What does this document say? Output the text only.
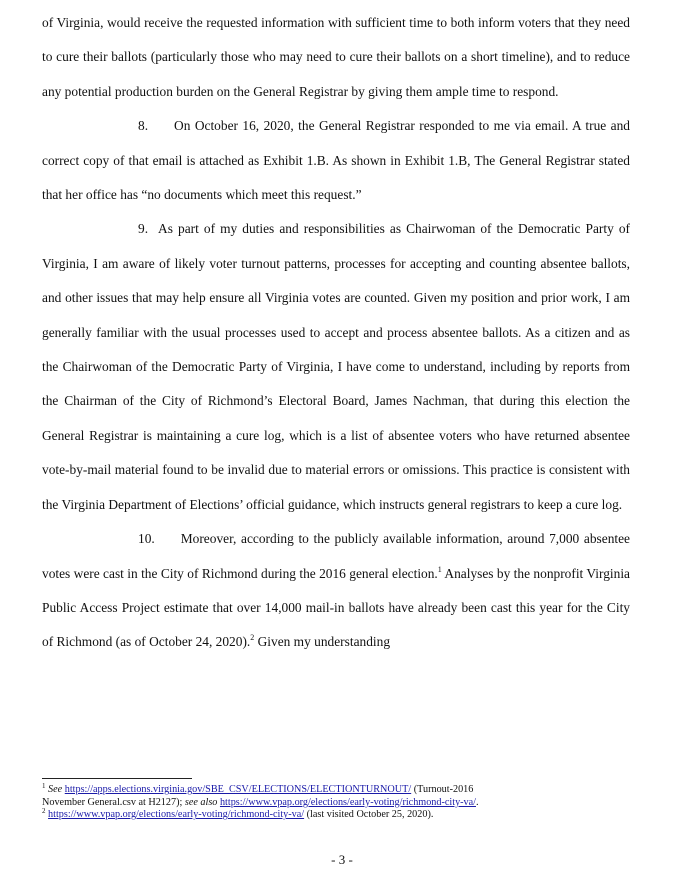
of Virginia, would receive the requested information with sufficient time to both inform voters that they need to cure their ballots (particularly those who may need to cure their ballots on a short timeline), and to reduce any potential production burden on the General Registrar by giving them ample time to respond.

8. On October 16, 2020, the General Registrar responded to me via email. A true and correct copy of that email is attached as Exhibit 1.B. As shown in Exhibit 1.B, The General Registrar stated that her office has “no documents which meet this request.”

9. As part of my duties and responsibilities as Chairwoman of the Democratic Party of Virginia, I am aware of likely voter turnout patterns, processes for accepting and counting absentee ballots, and other issues that may help ensure all Virginia votes are counted. Given my position and prior work, I am generally familiar with the usual processes used to accept and process absentee ballots. As a citizen and as the Chairwoman of the Democratic Party of Virginia, I have come to understand, including by reports from the Chairman of the City of Richmond’s Electoral Board, James Nachman, that during this election the General Registrar is maintaining a cure log, which is a list of absentee voters who have returned absentee vote-by-mail material found to be invalid due to material errors or omissions. This practice is consistent with the Virginia Department of Elections’ official guidance, which instructs general registrars to keep a cure log.

10. Moreover, according to the publicly available information, around 7,000 absentee votes were cast in the City of Richmond during the 2016 general election.$^1$ Analyses by the nonprofit Virginia Public Access Project estimate that over 14,000 mail-in ballots have already been cast this year for the City of Richmond (as of October 24, 2020).$^2$ Given my understanding

$^1$ See https://apps.elections.virginia.gov/SBE_CSV/ELECTIONS/ELECTIONTURNOUT/ (Turnout-2016

November General.csv at H2127); see also https://www.vpap.org/elections/early-voting/richmond-city-va/.

$^2$ https://www.vpap.org/elections/early-voting/richmond-city-va/ (last visited October 25, 2020).

- 3 -
